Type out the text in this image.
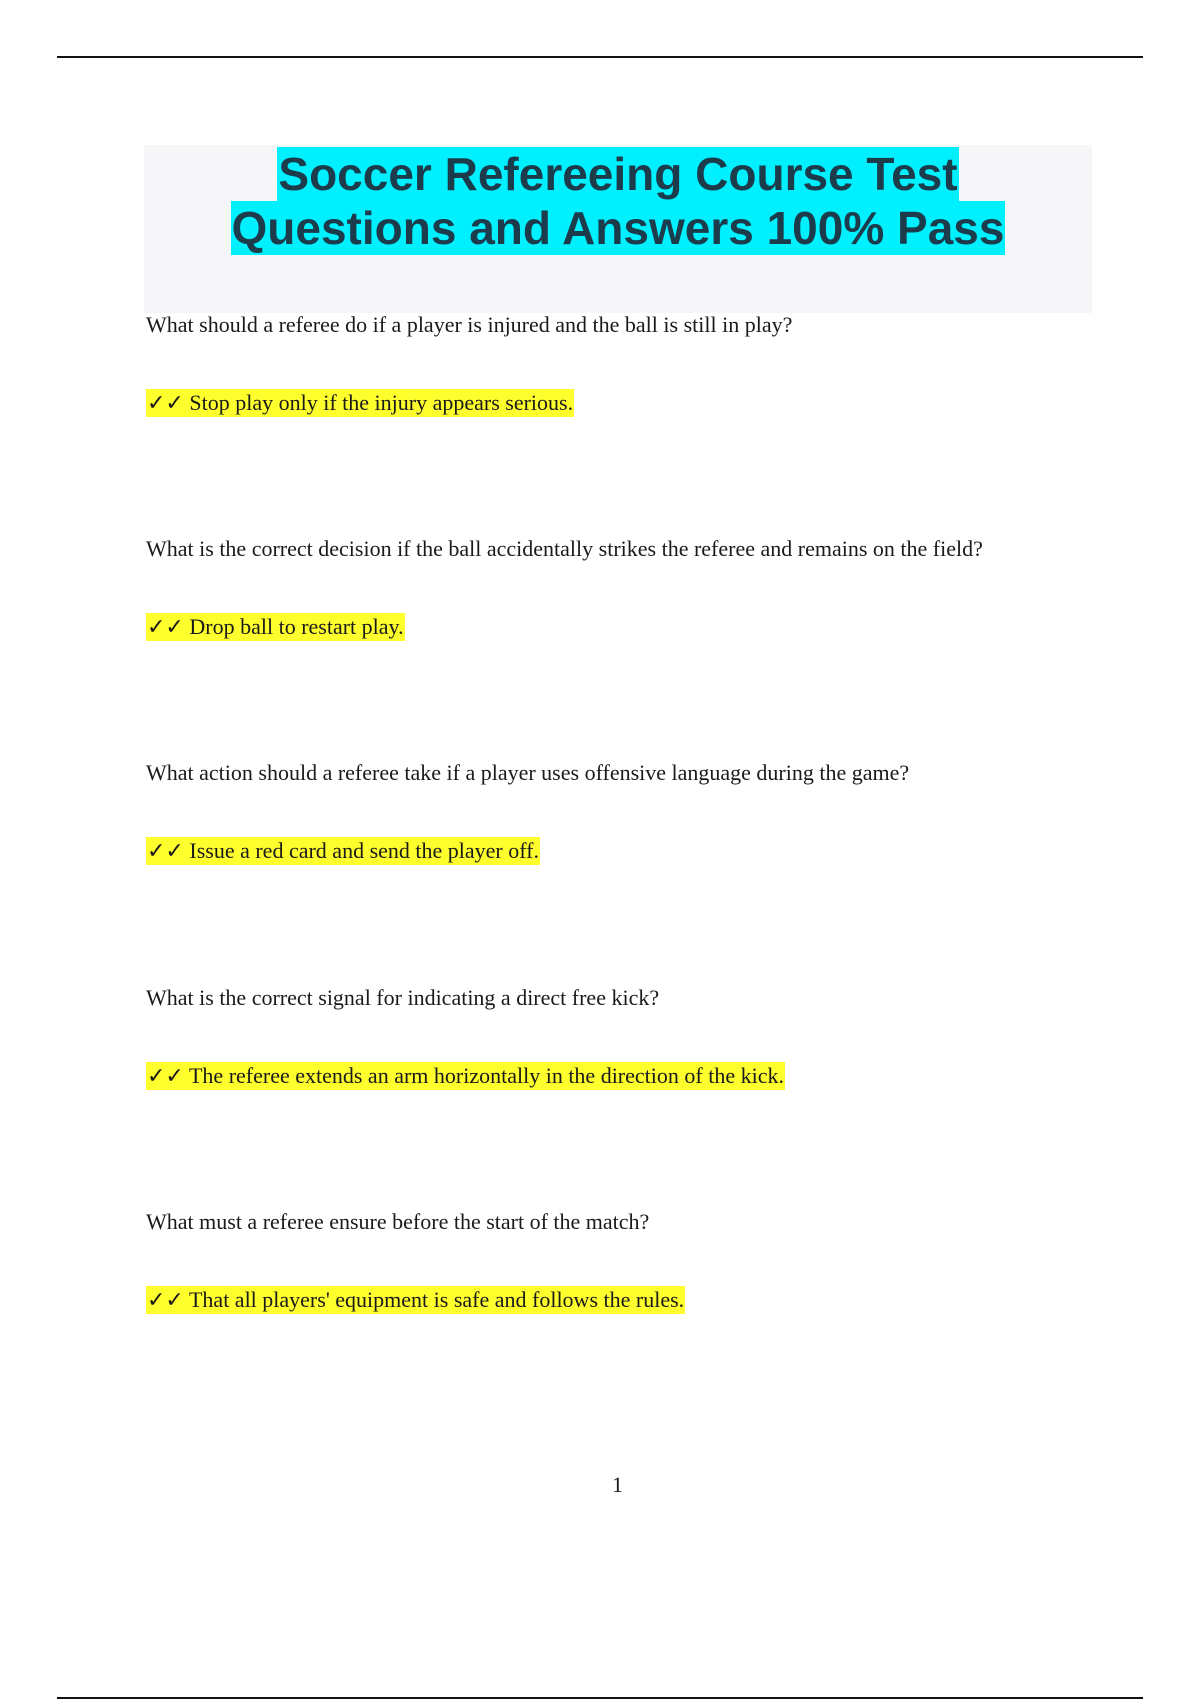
Soccer Refereeing Course Test
Questions and Answers 100% Pass

What should a referee do if a player is injured and the ball is still in play?

✓✓ Stop play only if the injury appears serious.

What is the correct decision if the ball accidentally strikes the referee and remains on the field?

✓✓ Drop ball to restart play.

What action should a referee take if a player uses offensive language during the game?

✓✓ Issue a red card and send the player off.

What is the correct signal for indicating a direct free kick?

✓✓ The referee extends an arm horizontally in the direction of the kick.

What must a referee ensure before the start of the match?

✓✓ That all players' equipment is safe and follows the rules.
1
